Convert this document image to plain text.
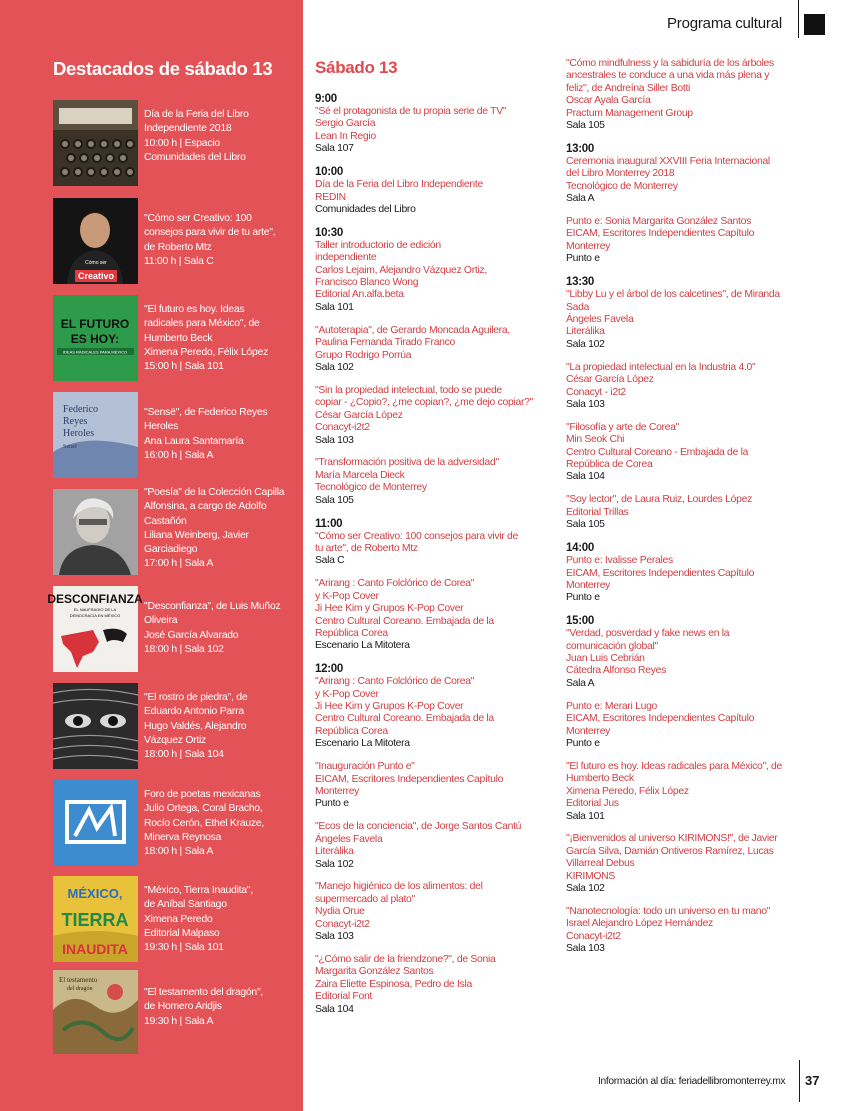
Destacados de sábado 13
Día de la Feria del Libro
Independiente 2018
10:00 h | Espacio
Comunidades del Libro
Cómo ser
Creativo
"Cómo ser Creativo: 100
consejos para vivir de tu arte",
de Roberto Mtz
11:00 h | Sala C
EL FUTURO
ES HOY:
IDEAS RADICALES PARA MÉXICO
"El futuro es hoy. Ideas
radicales para México", de
Humberto Beck
Ximena Peredo, Félix López
15:00 h | Sala 101
Federico
Reyes
Heroles
Sensë
"Sensë", de Federico Reyes
Heroles
Ana Laura Santamaría
16:00 h | Sala A
"Poesía" de la Colección Capilla
Alfonsina, a cargo de Adolfo
Castañón
Liliana Weinberg, Javier
Garciadiego
17:00 h | Sala A
DESCONFIANZA
EL NAUFRAGIO DE LA
DEMOCRACIA EN MÉXICO
"Desconfianza", de Luis Muñoz
Oliveira
José García Alvarado
18:00 h | Sala 102
"El rostro de piedra", de
Eduardo Antonio Parra
Hugo Valdés, Alejandro
Vázquez Ortiz
18:00 h | Sala 104
Foro de poetas mexicanas
Julio Ortega, Coral Bracho,
Rocío Cerón, Ethel Krauze,
Minerva Reynosa
18:00 h | Sala A
MÉXICO,
TIERRA
INAUDITA
"México, Tierra Inaudita",
de Aníbal Santiago
Ximena Peredo
Editorial Malpaso
19:30 h | Sala 101
El testamento
del dragón	"El testamento del dragón",
de Homero Aridjis
19:30 h | Sala A
Programa cultural
Sábado 13
9:00
"Sé el protagonista de tu propia serie de TV"
Sergio García
Lean In Regio
Sala 107
10:00
Día de la Feria del Libro Independiente
REDIN
Comunidades del Libro
10:30
Taller introductorio de edición
independiente
Carlos Lejaim, Alejandro Vázquez Ortiz,
Francisco Blanco Wong
Editorial An.alfa.beta
Sala 101
"Autoterapia", de Gerardo Moncada Aguilera,
Paulina Fernanda Tirado Franco
Grupo Rodrigo Porrúa
Sala 102
"Sin la propiedad intelectual, todo se puede
copiar - ¿Copio?, ¿me copian?, ¿me dejo copiar?"
César García López
Conacyt-i2t2
Sala 103
"Transformación positiva de la adversidad"
María Marcela Dieck
Tecnológico de Monterrey
Sala 105
11:00
"Cómo ser Creativo: 100 consejos para vivir de
tu arte", de Roberto Mtz
Sala C
"Arirang : Canto Folclórico de Corea"
y K-Pop Cover
Ji Hee Kim y Grupos K-Pop Cover
Centro Cultural Coreano. Embajada de la
República Corea
Escenario La Mitotera
12:00
"Arirang : Canto Folclórico de Corea"
y K-Pop Cover
Ji Hee Kim y Grupos K-Pop Cover
Centro Cultural Coreano. Embajada de la
República Corea
Escenario La Mitotera
"Inauguración Punto e"
EICAM, Escritores Independientes Capítulo
Monterrey
Punto e
"Ecos de la conciencia", de Jorge Santos Cantú
Ángeles Favela
Literálika
Sala 102
"Manejo higiénico de los alimentos: del
supermercado al plato"
Nydia Orue
Conacyt-i2t2
Sala 103
"¿Cómo salir de la friendzone?", de Sonia
Margarita González Santos
Zaira Eliette Espinosa, Pedro de Isla
Editorial Font
Sala 104
"Cómo mindfulness y la sabiduría de los árboles
ancestrales te conduce a una vida más plena y
feliz", de Andreína Siller Botti
Oscar Ayala García
Practum Management Group
Sala 105
13:00
Ceremonia inaugural XXVIII Feria Internacional
del Libro Monterrey 2018
Tecnológico de Monterrey
Sala A
Punto e: Sonia Margarita González Santos
EICAM, Escritores Independientes Capítulo
Monterrey
Punto e
13:30
"Libby Lu y el árbol de los calcetines", de Miranda
Sada
Ángeles Favela
Literálika
Sala 102
"La propiedad intelectual en la Industria 4.0"
César García López
Conacyt - i2t2
Sala 103
"Filosofía y arte de Corea"
Min Seok Chi
Centro Cultural Coreano - Embajada de la
República de Corea
Sala 104
"Soy lector", de Laura Ruiz, Lourdes López
Editorial Trillas
Sala 105
14:00
Punto e: Ivalisse Perales
EICAM, Escritores Independientes Capítulo
Monterrey
Punto e
15:00
"Verdad, posverdad y fake news en la
comunicación global"
Juan Luis Cebrián
Cátedra Alfonso Reyes
Sala A
Punto e: Merari Lugo
EICAM, Escritores Independientes Capítulo
Monterrey
Punto e
"El futuro es hoy. Ideas radicales para México", de
Humberto Beck
Ximena Peredo, Félix López
Editorial Jus
Sala 101
"¡Bienvenidos al universo KIRIMONS!", de Javier
García Silva, Damián Ontiveros Ramírez, Lucas
Villarreal Debus
KIRIMONS
Sala 102
"Nanotecnología: todo un universo en tu mano"
Israel Alejandro López Hernández
Conacyt-i2t2
Sala 103
Información al día: feriadellibromonterrey.mx 37
